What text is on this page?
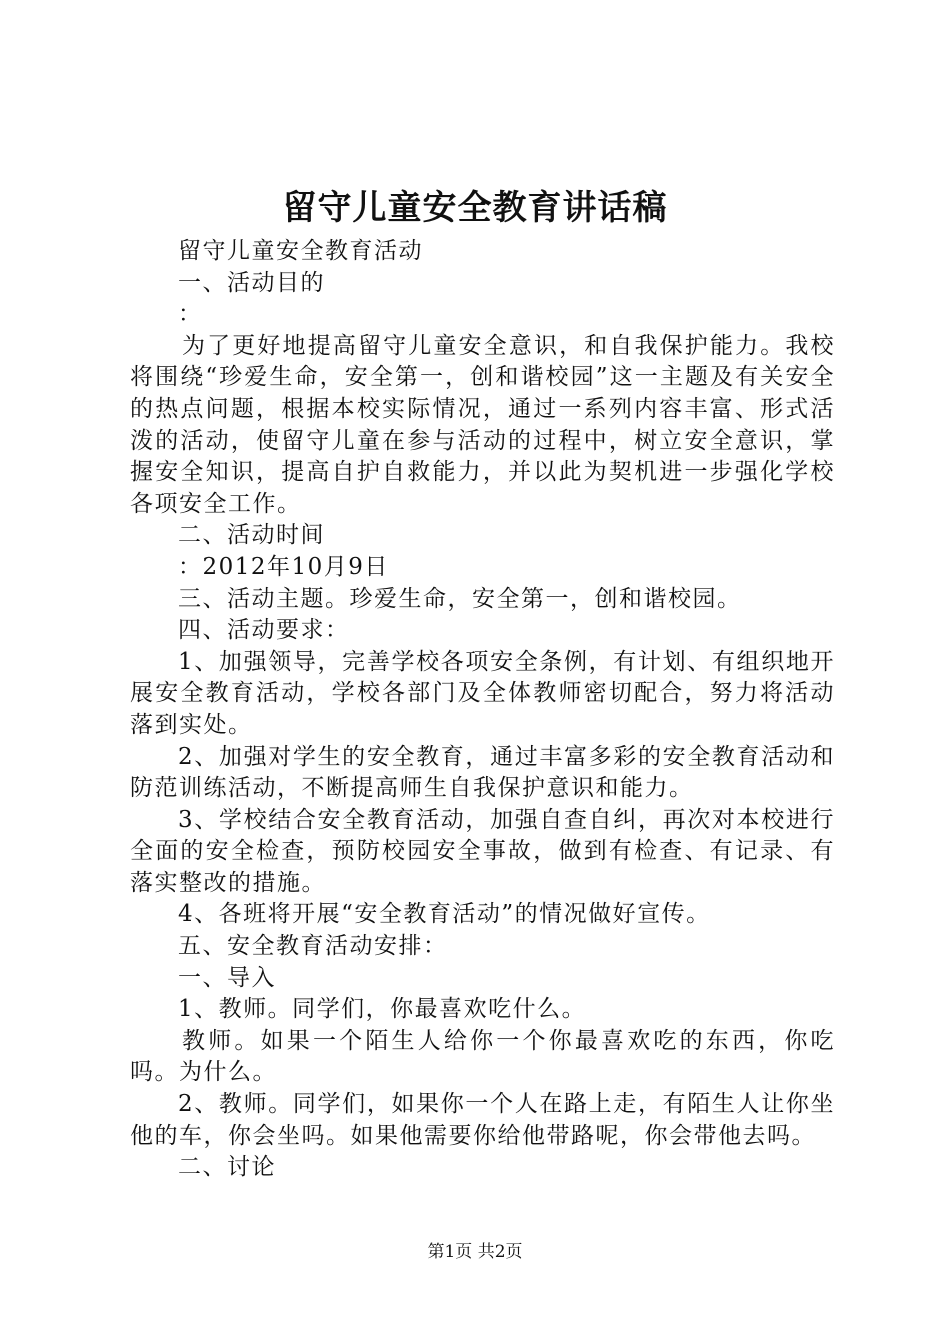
留守儿童安全教育讲话稿

留守儿童安全教育活动

一、活动目的

：

为了更好地提高留守儿童安全意识，和自我保护能力。我校将围绕“珍爱生命，安全第一，创和谐校园”这一主题及有关安全的热点问题，根据本校实际情况，通过一系列内容丰富、形式活泼的活动，使留守儿童在参与活动的过程中，树立安全意识，掌握安全知识，提高自护自救能力，并以此为契机进一步强化学校各项安全工作。

二、活动时间

：2012年10月9日

三、活动主题。珍爱生命，安全第一，创和谐校园。

四、活动要求：

1、加强领导，完善学校各项安全条例，有计划、有组织地开展安全教育活动，学校各部门及全体教师密切配合，努力将活动落到实处。

2、加强对学生的安全教育，通过丰富多彩的安全教育活动和防范训练活动，不断提高师生自我保护意识和能力。

3、学校结合安全教育活动，加强自查自纠，再次对本校进行全面的安全检查，预防校园安全事故，做到有检查、有记录、有落实整改的措施。

4、各班将开展“安全教育活动”的情况做好宣传。

五、安全教育活动安排：

一、导入

1、教师。同学们，你最喜欢吃什么。

教师。如果一个陌生人给你一个你最喜欢吃的东西，你吃吗。为什么。

2、教师。同学们，如果你一个人在路上走，有陌生人让你坐他的车，你会坐吗。如果他需要你给他带路呢，你会带他去吗。

二、讨论

第1页 共2页
